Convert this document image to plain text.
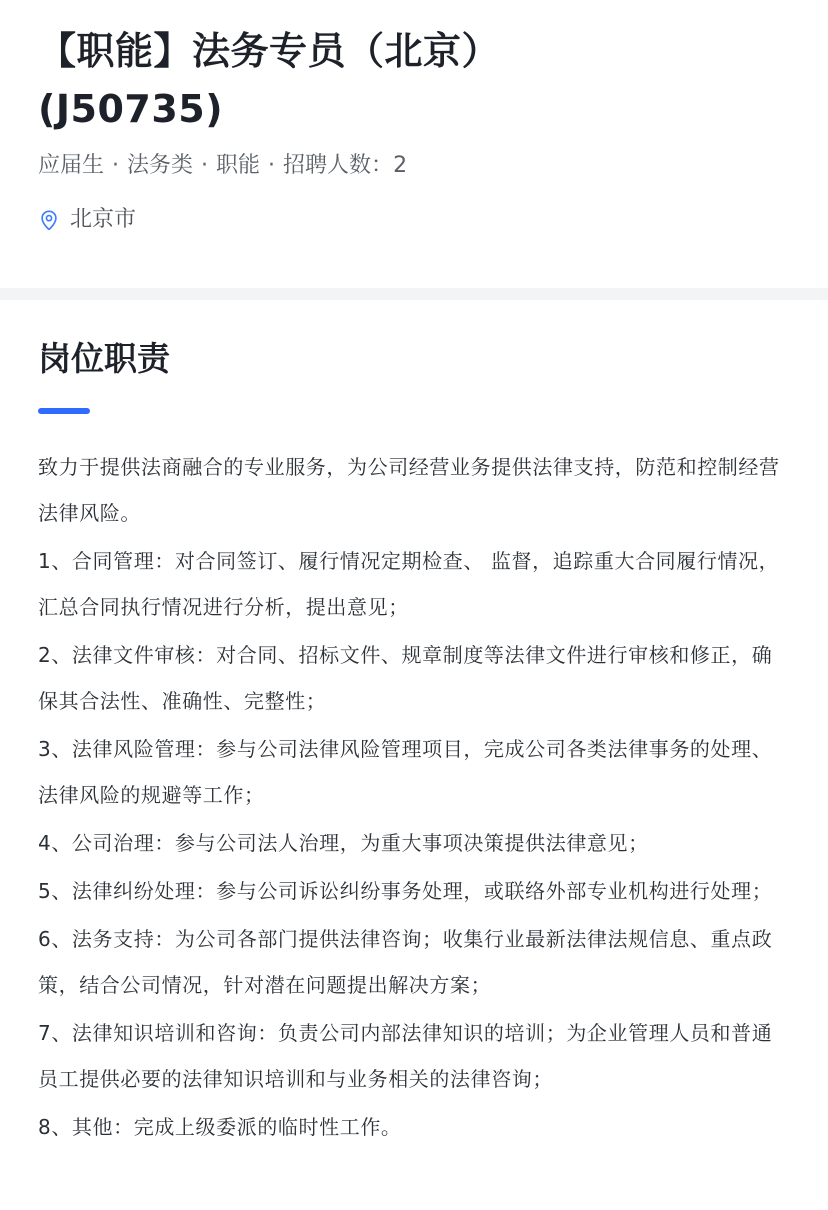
【职能】法务专员（北京）
(J50735)
应届生 · 法务类 · 职能 · 招聘人数：2
北京市
岗位职责

致力于提供法商融合的专业服务，为公司经营业务提供法律支持，防范和控制经营法律风险。

1、合同管理：对合同签订、履行情况定期检查、 监督，追踪重大合同履行情况，汇总合同执行情况进行分析，提出意见；

2、法律文件审核：对合同、招标文件、规章制度等法律文件进行审核和修正，确保其合法性、准确性、完整性；

3、法律风险管理：参与公司法律风险管理项目，完成公司各类法律事务的处理、法律风险的规避等工作；

4、公司治理：参与公司法人治理，为重大事项决策提供法律意见；

5、法律纠纷处理：参与公司诉讼纠纷事务处理，或联络外部专业机构进行处理；

6、法务支持：为公司各部门提供法律咨询；收集行业最新法律法规信息、重点政策，结合公司情况，针对潜在问题提出解决方案；

7、法律知识培训和咨询：负责公司内部法律知识的培训；为企业管理人员和普通员工提供必要的法律知识培训和与业务相关的法律咨询；

8、其他：完成上级委派的临时性工作。
